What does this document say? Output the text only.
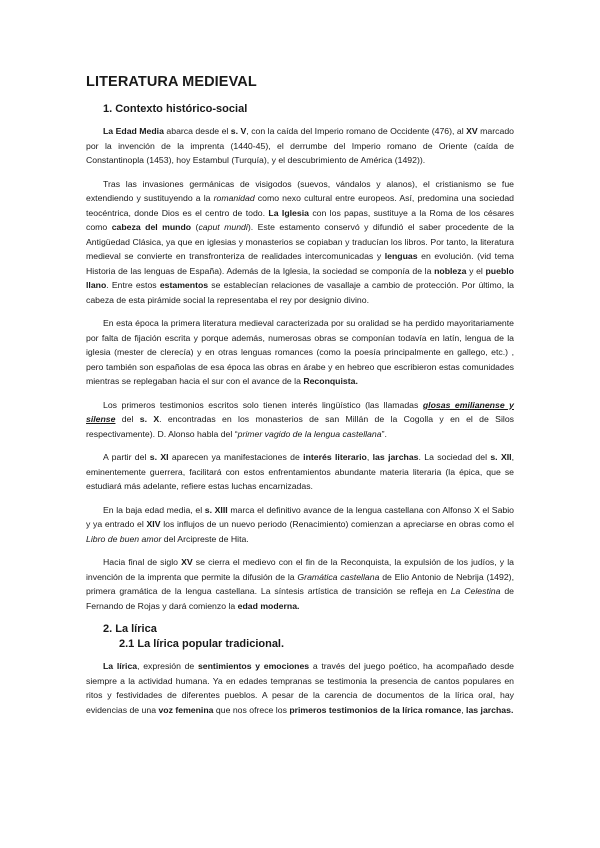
LITERATURA MEDIEVAL
1. Contexto histórico-social

La Edad Media abarca desde el s. V, con la caída del Imperio romano de Occidente (476), al XV marcado por la invención de la imprenta (1440-45), el derrumbe del Imperio romano de Oriente (caída de Constantinopla (1453), hoy Estambul (Turquía), y el descubrimiento de América (1492)).

Tras las invasiones germánicas de visigodos (suevos, vándalos y alanos), el cristianismo se fue extendiendo y sustituyendo a la romanidad como nexo cultural entre europeos. Así, predomina una sociedad teocéntrica, donde Dios es el centro de todo. La Iglesia con los papas, sustituye a la Roma de los césares como cabeza del mundo (caput mundi). Este estamento conservó y difundió el saber procedente de la Antigüedad Clásica, ya que en iglesias y monasterios se copiaban y traducían los libros. Por tanto, la literatura medieval se convierte en transfronteriza de realidades intercomunicadas y lenguas en evolución. (vid tema Historia de las lenguas de España). Además de la Iglesia, la sociedad se componía de la nobleza y el pueblo llano. Entre estos estamentos se establecían relaciones de vasallaje a cambio de protección. Por último, la cabeza de esta pirámide social la representaba el rey por designio divino.

En esta época la primera literatura medieval caracterizada por su oralidad se ha perdido mayoritariamente por falta de fijación escrita y porque además, numerosas obras se componían todavía en latín, lengua de la iglesia (mester de clerecía) y en otras lenguas romances (como la poesía principalmente en gallego, etc.) , pero también son españolas de esa época las obras en árabe y en hebreo que escribieron estas comunidades mientras se replegaban hacia el sur con el avance de la Reconquista.

Los primeros testimonios escritos solo tienen interés lingüístico (las llamadas glosas emilianense y silense del s. X. encontradas en los monasterios de san Millán de la Cogolla y en el de Silos respectivamente). D. Alonso habla del “primer vagido de la lengua castellana”.

A partir del s. XI aparecen ya manifestaciones de interés literario, las jarchas. La sociedad del s. XII, eminentemente guerrera, facilitará con estos enfrentamientos abundante materia literaria (la épica, que se estudiará más adelante, refiere estas luchas encarnizadas.

En la baja edad media, el s. XIII marca el definitivo avance de la lengua castellana con Alfonso X el Sabio y ya entrado el XIV los influjos de un nuevo periodo (Renacimiento) comienzan a apreciarse en obras como el Libro de buen amor del Arcipreste de Hita.

Hacia final de siglo XV se cierra el medievo con el fin de la Reconquista, la expulsión de los judíos, y la invención de la imprenta que permite la difusión de la Gramática castellana de Elio Antonio de Nebrija (1492), primera gramática de la lengua castellana. La síntesis artística de transición se refleja en La Celestina de Fernando de Rojas y dará comienzo la edad moderna.

2. La lírica
2.1 La lírica popular tradicional.

La lírica, expresión de sentimientos y emociones a través del juego poético, ha acompañado desde siempre a la actividad humana. Ya en edades tempranas se testimonia la presencia de cantos populares en ritos y festividades de diferentes pueblos. A pesar de la carencia de documentos de la lírica oral, hay evidencias de una voz femenina que nos ofrece los primeros testimonios de la lírica romance, las jarchas.
